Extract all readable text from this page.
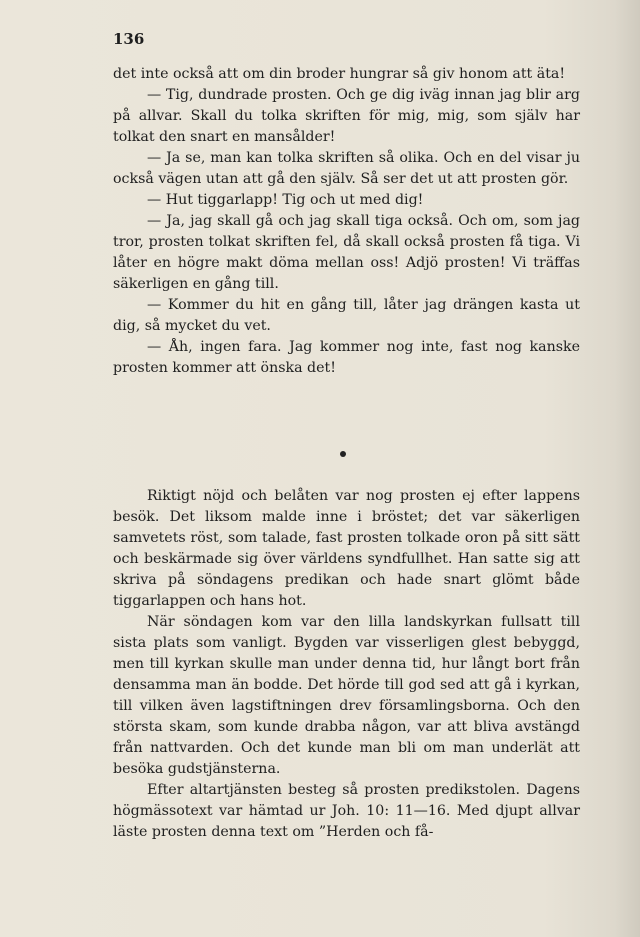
136

det inte också att om din broder hungrar så giv honom att äta!

— Tig, dundrade prosten. Och ge dig iväg innan jag blir arg på allvar. Skall du tolka skriften för mig, mig, som själv har tolkat den snart en mansålder!

— Ja se, man kan tolka skriften så olika. Och en del visar ju också vägen utan att gå den själv. Så ser det ut att prosten gör.

— Hut tiggarlapp! Tig och ut med dig!

— Ja, jag skall gå och jag skall tiga också. Och om, som jag tror, prosten tolkat skriften fel, då skall också prosten få tiga. Vi låter en högre makt döma mellan oss! Adjö prosten! Vi träffas säkerligen en gång till.

— Kommer du hit en gång till, låter jag drängen kasta ut dig, så mycket du vet.

— Åh, ingen fara. Jag kommer nog inte, fast nog kanske prosten kommer att önska det!

Riktigt nöjd och belåten var nog prosten ej efter lappens besök. Det liksom malde inne i bröstet; det var säkerligen samvetets röst, som talade, fast prosten tolkade oron på sitt sätt och beskärmade sig över världens syndfullhet. Han satte sig att skriva på söndagens predikan och hade snart glömt både tiggarlappen och hans hot.

När söndagen kom var den lilla landskyrkan fullsatt till sista plats som vanligt. Bygden var visserligen glest bebyggd, men till kyrkan skulle man under denna tid, hur långt bort från densamma man än bodde. Det hörde till god sed att gå i kyrkan, till vilken även lagstiftningen drev församlingsborna. Och den största skam, som kunde drabba någon, var att bliva avstängd från nattvarden. Och det kunde man bli om man underlät att besöka gudstjänsterna.

Efter altartjänsten besteg så prosten predikstolen. Dagens högmässotext var hämtad ur Joh. 10: 11—16. Med djupt allvar läste prosten denna text om ”Herden och få-
